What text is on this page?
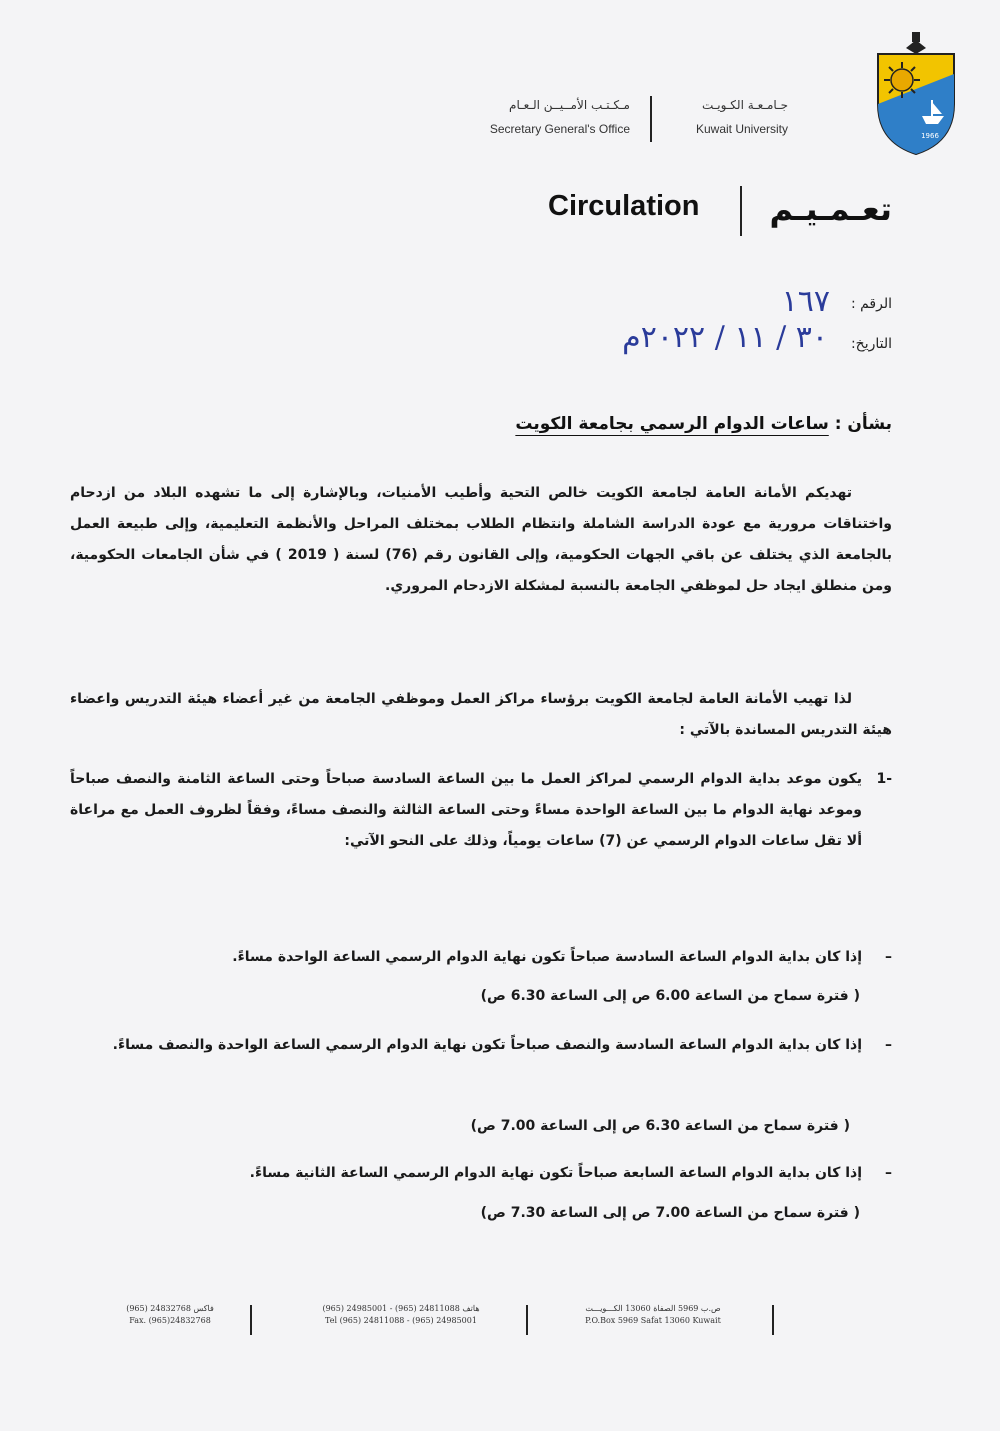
1966
جـامـعـة الكـويـت
Kuwait University
مـكـتـب الأمــيــن الـعـام
Secretary General's Office
Circulation تعـمـيـم
الرقم :
١٦٧
التاريخ:
٣٠ / ١١ / ٢٠٢٢م
بشأن : ساعات الدوام الرسمي بجامعة الكويت
تهديكم الأمانة العامة لجامعة الكويت خالص التحية وأطيب الأمنيات، وبالإشارة إلى ما تشهده البلاد من ازدحام واختناقات مرورية مع عودة الدراسة الشاملة وانتظام الطلاب بمختلف المراحل والأنظمة التعليمية، وإلى طبيعة العمل بالجامعة الذي يختلف عن باقي الجهات الحكومية، وإلى القانون رقم (76) لسنة ( 2019 ) في شأن الجامعات الحكومية، ومن منطلق ايجاد حل لموظفي الجامعة بالنسبة لمشكلة الازدحام المروري.
لذا تهيب الأمانة العامة لجامعة الكويت برؤساء مراكز العمل وموظفي الجامعة من غير أعضاء هيئة التدريس واعضاء هيئة التدريس المساندة بالآتي :
-1
يكون موعد بداية الدوام الرسمي لمراكز العمل ما بين الساعة السادسة صباحاً وحتى الساعة الثامنة والنصف صباحاً وموعد نهاية الدوام ما بين الساعة الواحدة مساءً وحتى الساعة الثالثة والنصف مساءً، وفقاً لظروف العمل مع مراعاة ألا تقل ساعات الدوام الرسمي عن (7) ساعات يومياً، وذلك على النحو الآتي:
–
إذا كان بداية الدوام الساعة السادسة صباحاً تكون نهاية الدوام الرسمي الساعة الواحدة مساءً.
( فترة سماح من الساعة 6.00 ص إلى الساعة 6.30 ص)
–
إذا كان بداية الدوام الساعة السادسة والنصف صباحاً تكون نهاية الدوام الرسمي الساعة الواحدة والنصف مساءً.
( فترة سماح من الساعة 6.30 ص إلى الساعة 7.00 ص)
–
إذا كان بداية الدوام الساعة السابعة صباحاً تكون نهاية الدوام الرسمي الساعة الثانية مساءً.
( فترة سماح من الساعة 7.00 ص إلى الساعة 7.30 ص)
ص.ب 5969 الصفاة 13060 الكـــويـــت
P.O.Box 5969 Safat 13060 Kuwait
هاتف 24811088 (965) - 24985001 (965)
Tel (965) 24811088 - (965) 24985001
فاكس 24832768 (965)
Fax. (965)24832768
